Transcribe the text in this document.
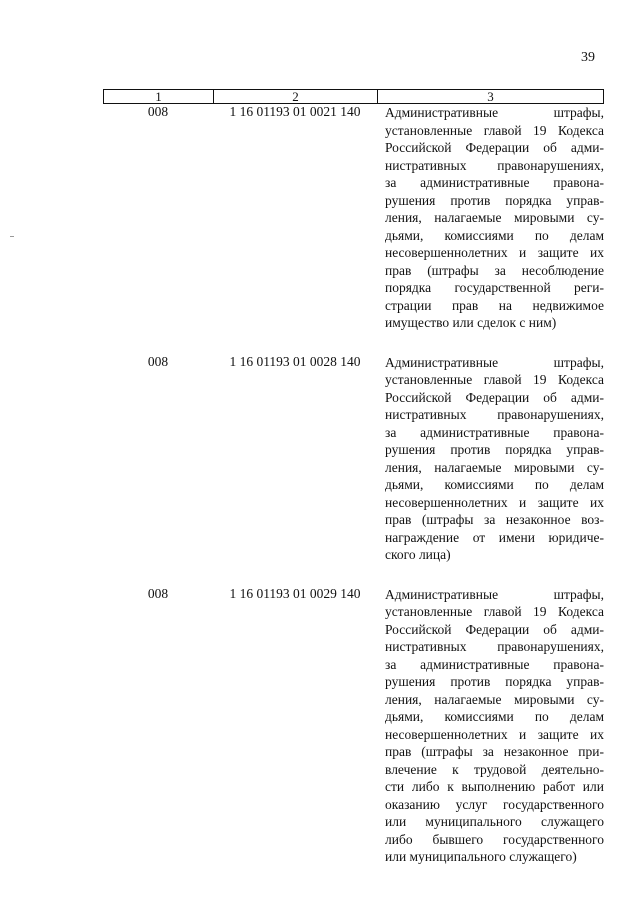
39
1	2	3
008	1 16 01193 01 0021 140	Административные штрафы,
установленные главой 19 Кодекса
Российской Федерации об адми-
нистративных правонарушениях,
за административные правона-
рушения против порядка управ-
ления, налагаемые мировыми су-
дьями, комиссиями по делам
несовершеннолетних и защите их
прав (штрафы за несоблюдение
порядка государственной реги-
страции прав на недвижимое
имущество или сделок с ним)
008	1 16 01193 01 0028 140	Административные штрафы,
установленные главой 19 Кодекса
Российской Федерации об адми-
нистративных правонарушениях,
за административные правона-
рушения против порядка управ-
ления, налагаемые мировыми су-
дьями, комиссиями по делам
несовершеннолетних и защите их
прав (штрафы за незаконное воз-
награждение от имени юридиче-
ского лица)
008	1 16 01193 01 0029 140	Административные штрафы,
установленные главой 19 Кодекса
Российской Федерации об адми-
нистративных правонарушениях,
за административные правона-
рушения против порядка управ-
ления, налагаемые мировыми су-
дьями, комиссиями по делам
несовершеннолетних и защите их
прав (штрафы за незаконное при-
влечение к трудовой деятельно-
сти либо к выполнению работ или
оказанию услуг государственного
или муниципального служащего
либо бывшего государственного
или муниципального служащего)
